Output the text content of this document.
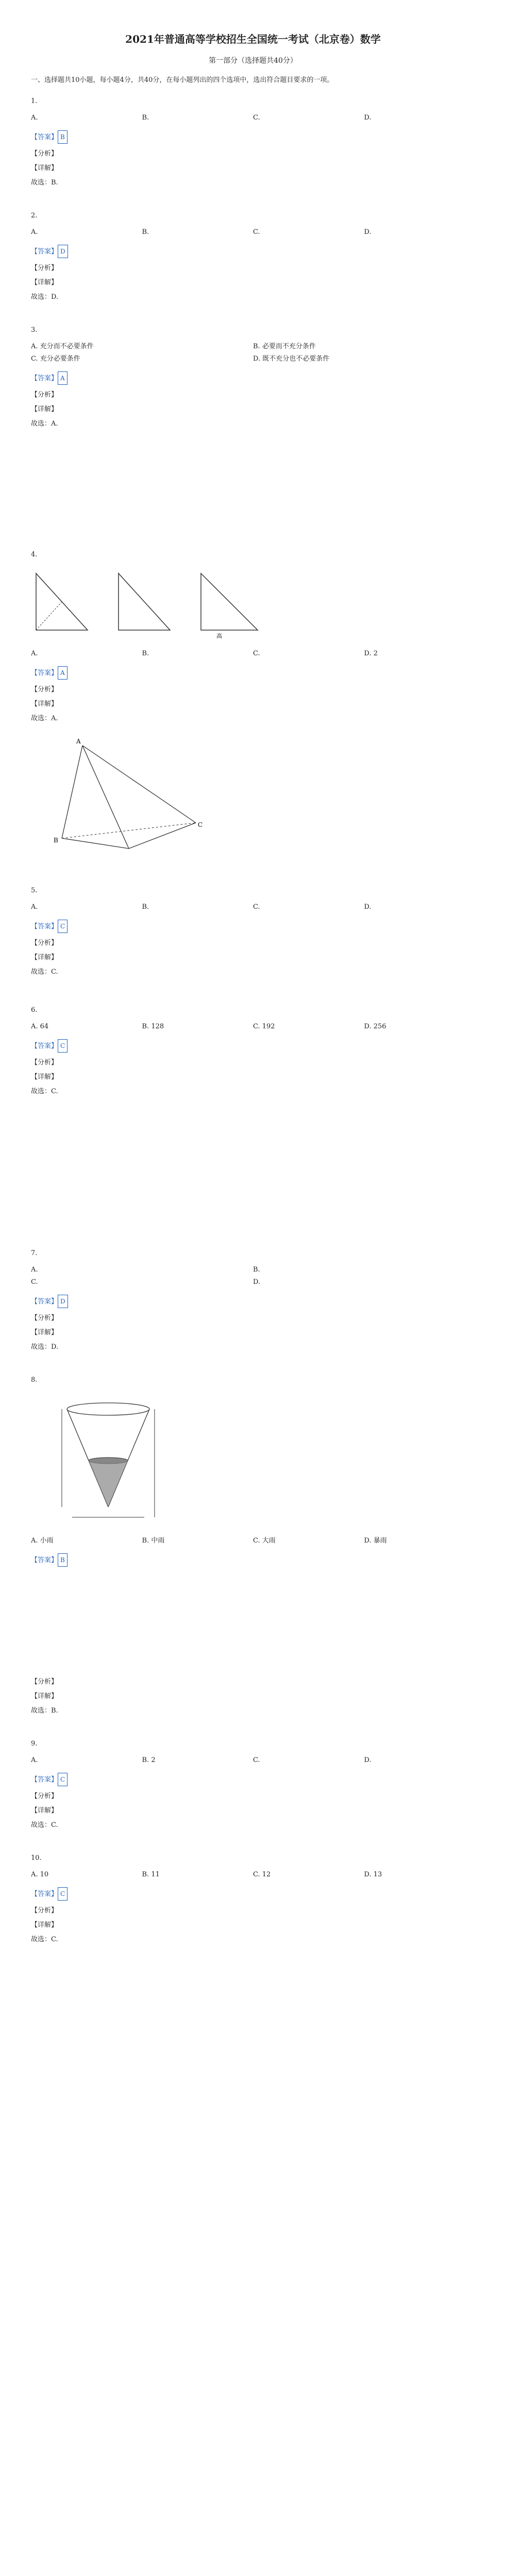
2021年普通高等学校招生全国统一考试（北京卷）数学
第一部分（选择题共40分）
一、选择题共10小题，每小题4分，共40分，在每小题列出的四个选项中，选出符合题目要求的一项。
1.
A.	B.	C.	D.
【答案】 B
【分析】
【详解】
故选：B.
2.
A.	B.	C.	D.
【答案】 D
【分析】
【详解】
故选：D.
3.
A. 充分而不必要条件	B. 必要而不充分条件
C. 充分必要条件	D. 既不充分也不必要条件
【答案】 A
【分析】
【详解】
故选：A.
4.
高
A.	B.	C.	D. 2
【答案】 A
【分析】
【详解】
故选：A.
A
B
C
5.
A.	B.	C.	D.
【答案】 C
【分析】
【详解】
故选：C.
6.
A. 64	B. 128	C. 192	D. 256
【答案】 C
【分析】
【详解】
故选：C.
7.
A.	B.
C.	D.
【答案】 D
【分析】
【详解】
故选：D.
8.
A. 小雨	B. 中雨	C. 大雨	D. 暴雨
【答案】 B
【分析】
【详解】
故选：B.
9.
A.	B. 2	C.	D.
【答案】 C
【分析】
【详解】
故选：C.
10.
A. 10	B. 11	C. 12	D. 13
【答案】 C
【分析】
【详解】
故选：C.
